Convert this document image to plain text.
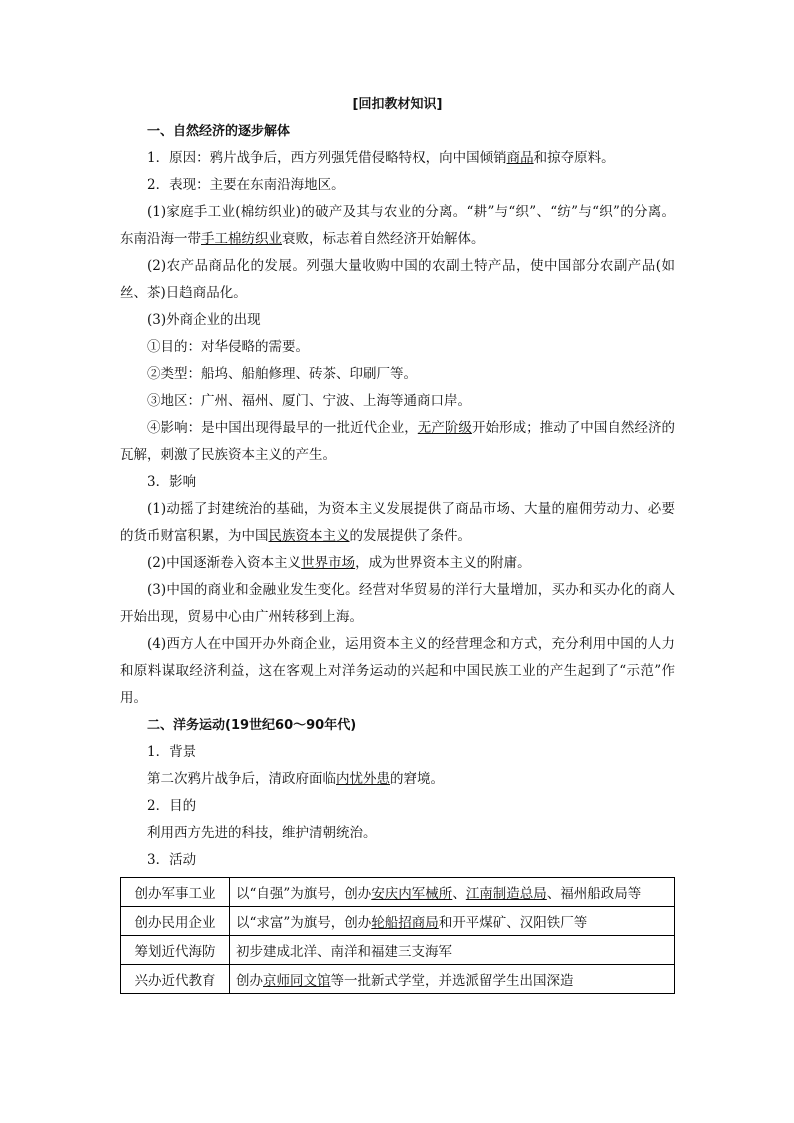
[回扣教材知识]

一、自然经济的逐步解体

1．原因：鸦片战争后，西方列强凭借侵略特权，向中国倾销商品和掠夺原料。

2．表现：主要在东南沿海地区。

(1)家庭手工业(棉纺织业)的破产及其与农业的分离。“耕”与“织”、“纺”与“织”的分离。东南沿海一带手工棉纺织业衰败，标志着自然经济开始解体。

(2)农产品商品化的发展。列强大量收购中国的农副土特产品，使中国部分农副产品(如丝、茶)日趋商品化。

(3)外商企业的出现

①目的：对华侵略的需要。

②类型：船坞、船舶修理、砖茶、印刷厂等。

③地区：广州、福州、厦门、宁波、上海等通商口岸。

④影响：是中国出现得最早的一批近代企业，无产阶级开始形成；推动了中国自然经济的瓦解，刺激了民族资本主义的产生。

3．影响

(1)动摇了封建统治的基础，为资本主义发展提供了商品市场、大量的雇佣劳动力、必要的货币财富积累，为中国民族资本主义的发展提供了条件。

(2)中国逐渐卷入资本主义世界市场，成为世界资本主义的附庸。

(3)中国的商业和金融业发生变化。经营对华贸易的洋行大量增加，买办和买办化的商人开始出现，贸易中心由广州转移到上海。

(4)西方人在中国开办外商企业，运用资本主义的经营理念和方式，充分利用中国的人力和原料谋取经济利益，这在客观上对洋务运动的兴起和中国民族工业的产生起到了“示范”作用。

二、洋务运动(19世纪60～90年代)

1．背景

第二次鸦片战争后，清政府面临内忧外患的窘境。

2．目的

利用西方先进的科技，维护清朝统治。

3．活动

创办军事工业	以“自强”为旗号，创办安庆内军械所、江南制造总局、福州船政局等
创办民用企业	以“求富”为旗号，创办轮船招商局和开平煤矿、汉阳铁厂等
筹划近代海防	初步建成北洋、南洋和福建三支海军
兴办近代教育	创办京师同文馆等一批新式学堂，并选派留学生出国深造
